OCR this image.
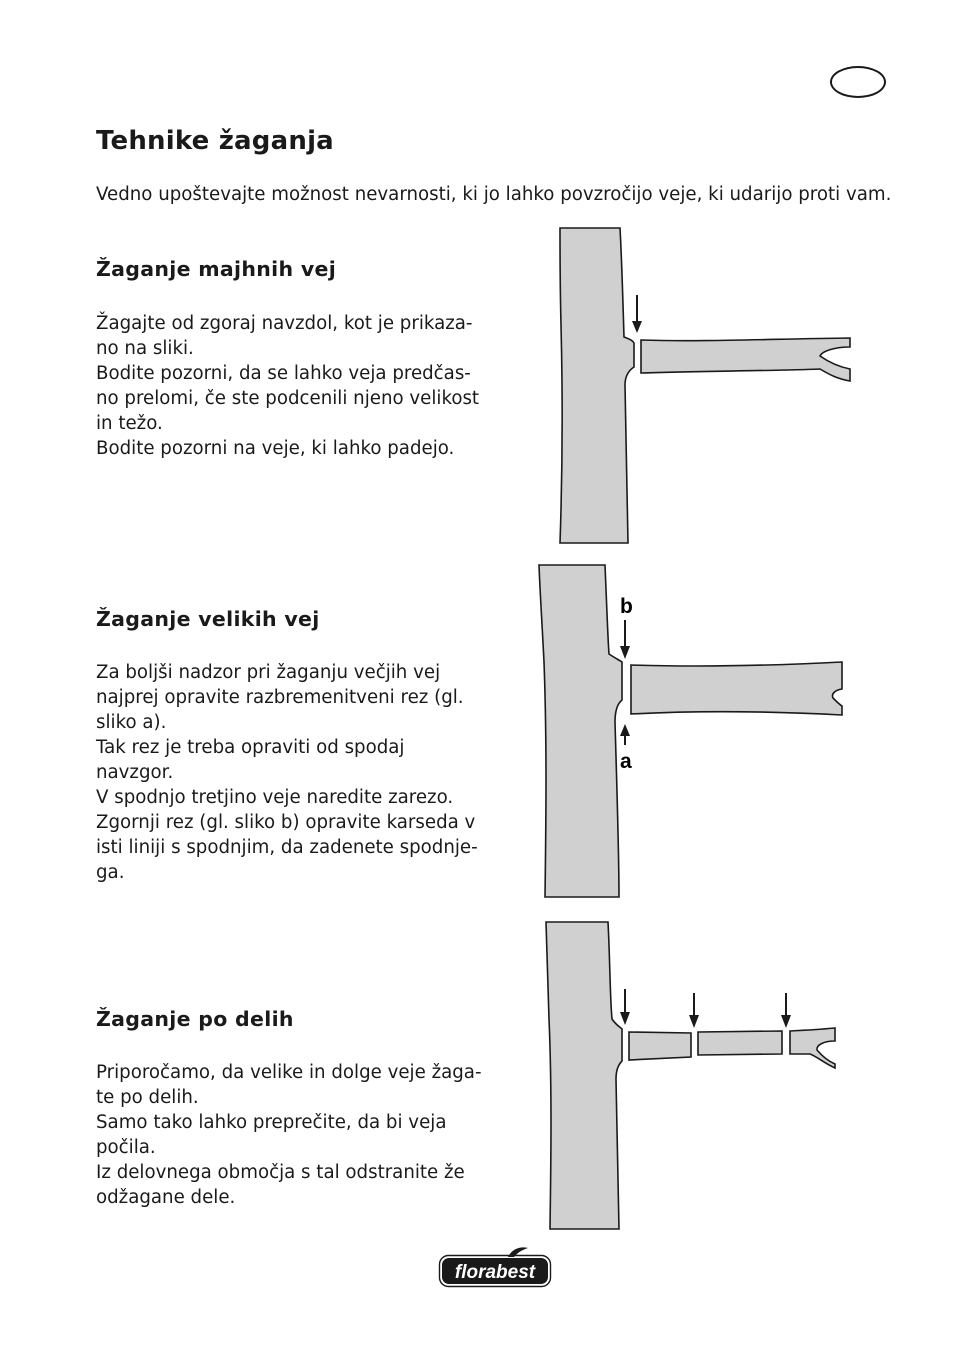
Tehnike žaganja

Vedno upoštevajte možnost nevarnosti, ki jo lahko povzročijo veje, ki udarijo proti vam.

Žaganje majhnih vej
Žagajte od zgoraj navzdol, kot je prikaza-
no na sliki.
Bodite pozorni, da se lahko veja predčas-
no prelomi, če ste podcenili njeno velikost
in težo.
Bodite pozorni na veje, ki lahko padejo.
Žaganje velikih vej
Za boljši nadzor pri žaganju večjih vej
najprej opravite razbremenitveni rez (gl.
sliko a).
Tak rez je treba opraviti od spodaj
navzgor.
V spodnjo tretjino veje naredite zarezo.
Zgornji rez (gl. sliko b) opravite karseda v
isti liniji s spodnjim, da zadenete spodnje-
ga.
b
a
Žaganje po delih
Priporočamo, da velike in dolge veje žaga-
te po delih.
Samo tako lahko preprečite, da bi veja
počila.
Iz delovnega območja s tal odstranite že
odžagane dele.
florabest
